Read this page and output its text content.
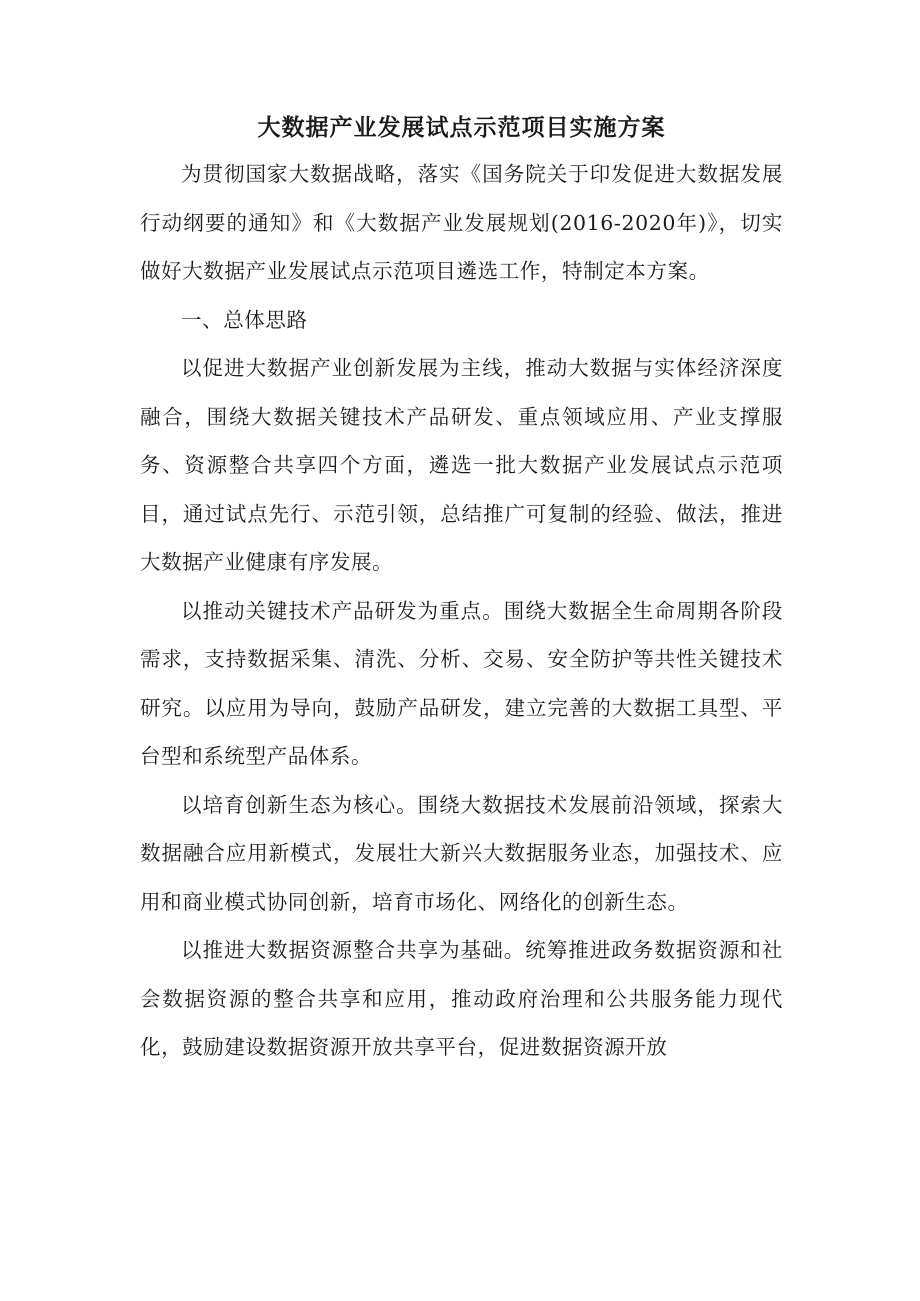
大数据产业发展试点示范项目实施方案

为贯彻国家大数据战略，落实《国务院关于印发促进大数据发展行动纲要的通知》和《大数据产业发展规划(2016-2020年)》，切实做好大数据产业发展试点示范项目遴选工作，特制定本方案。

一、总体思路

以促进大数据产业创新发展为主线，推动大数据与实体经济深度融合，围绕大数据关键技术产品研发、重点领域应用、产业支撑服务、资源整合共享四个方面，遴选一批大数据产业发展试点示范项目，通过试点先行、示范引领，总结推广可复制的经验、做法，推进大数据产业健康有序发展。

以推动关键技术产品研发为重点。围绕大数据全生命周期各阶段需求，支持数据采集、清洗、分析、交易、安全防护等共性关键技术研究。以应用为导向，鼓励产品研发，建立完善的大数据工具型、平台型和系统型产品体系。

以培育创新生态为核心。围绕大数据技术发展前沿领域，探索大数据融合应用新模式，发展壮大新兴大数据服务业态，加强技术、应用和商业模式协同创新，培育市场化、网络化的创新生态。

以推进大数据资源整合共享为基础。统筹推进政务数据资源和社会数据资源的整合共享和应用，推动政府治理和公共服务能力现代化，鼓励建设数据资源开放共享平台，促进数据资源开放
